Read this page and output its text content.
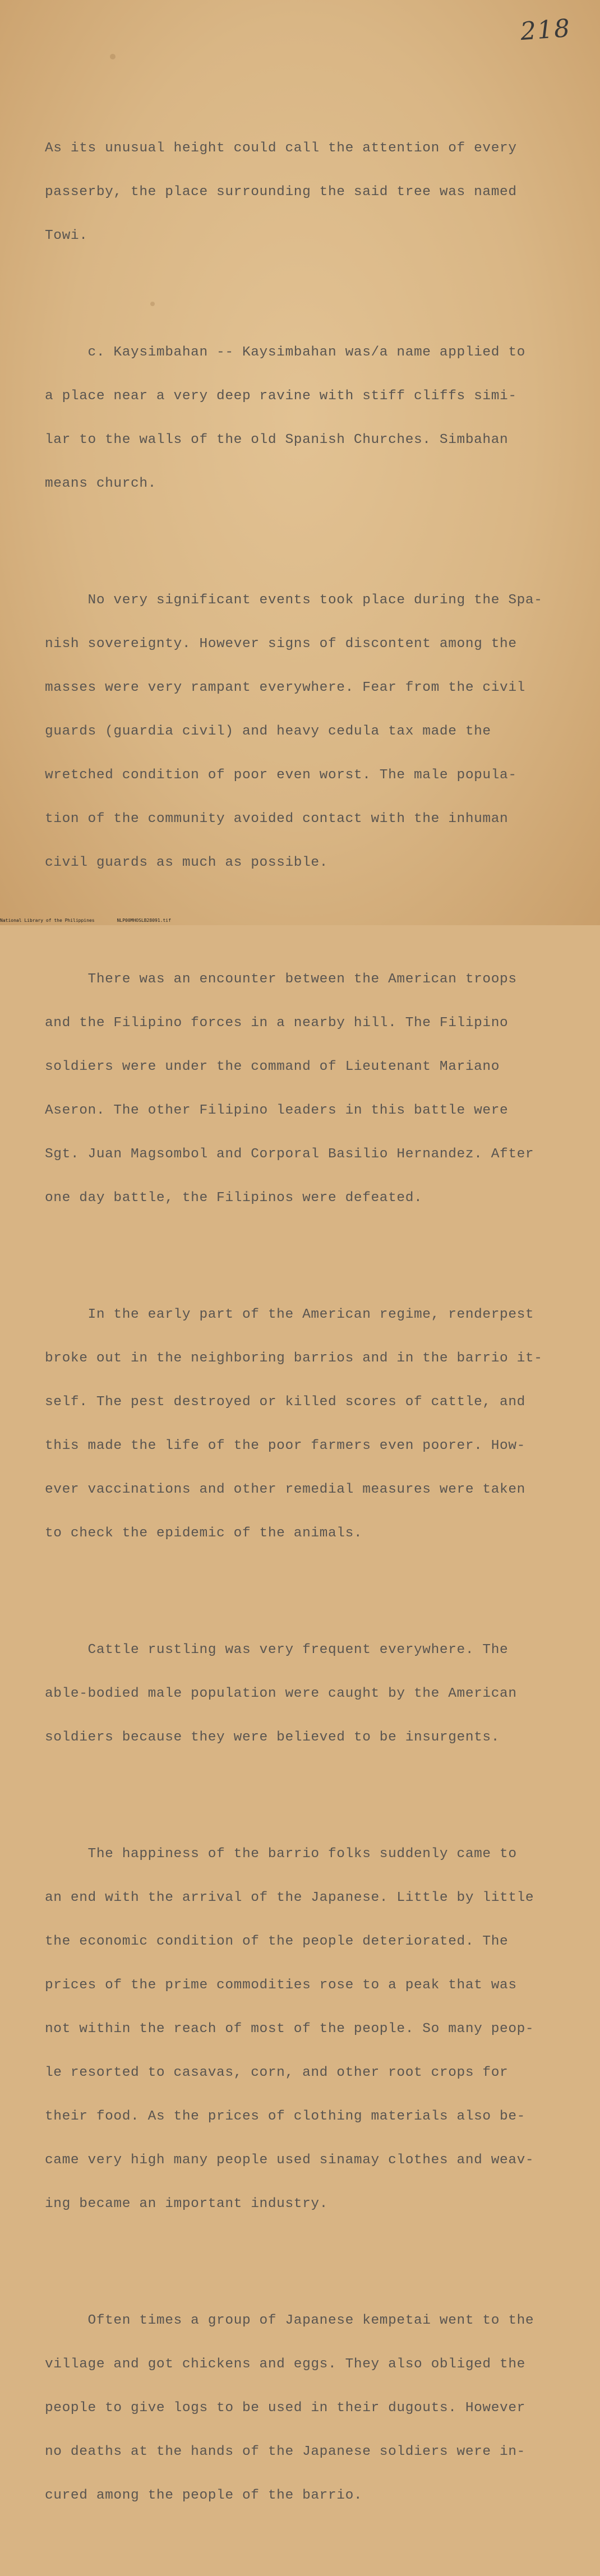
218

As its unusual height could call the attention of every

passerby, the place surrounding the said tree was named

Towi.

c. Kaysimbahan -- Kaysimbahan was/a name applied to

a place near a very deep ravine with stiff cliffs simi-

lar to the walls of the old Spanish Churches. Simbahan

means church.

No very significant events took place during the Spa-

nish sovereignty. However signs of discontent among the

masses were very rampant everywhere. Fear from the civil

guards (guardia civil) and heavy cedula tax made the

wretched condition of poor even worst. The male popula-

tion of the community avoided contact with the inhuman

civil guards as much as possible.

There was an encounter between the American troops

and the Filipino forces in a nearby hill. The Filipino

soldiers were under the command of Lieutenant Mariano

Aseron. The other Filipino leaders in this battle were

Sgt. Juan Magsombol and Corporal Basilio Hernandez. After

one day battle, the Filipinos were defeated.

In the early part of the American regime, renderpest

broke out in the neighboring barrios and in the barrio it-

self. The pest destroyed or killed scores of cattle, and

this made the life of the poor farmers even poorer. How-

ever vaccinations and other remedial measures were taken

to check the epidemic of the animals.

Cattle rustling was very frequent everywhere. The

able-bodied male population were caught by the American

soldiers because they were believed to be insurgents.

The happiness of the barrio folks suddenly came to

an end with the arrival of the Japanese. Little by little

the economic condition of the people deteriorated. The

prices of the prime commodities rose to a peak that was

not within the reach of most of the people. So many peop-

le resorted to casavas, corn, and other root crops for

their food. As the prices of clothing materials also be-

came very high many people used sinamay clothes and weav-

ing became an important industry.

Often times a group of Japanese kempetai went to the

village and got chickens and eggs. They also obliged the

people to give logs to be used in their dugouts. However

no deaths at the hands of the Japanese soldiers were in-

cured among the people of the barrio.

National Library of the Philippines	NLP00MHOSLB28091.tif
